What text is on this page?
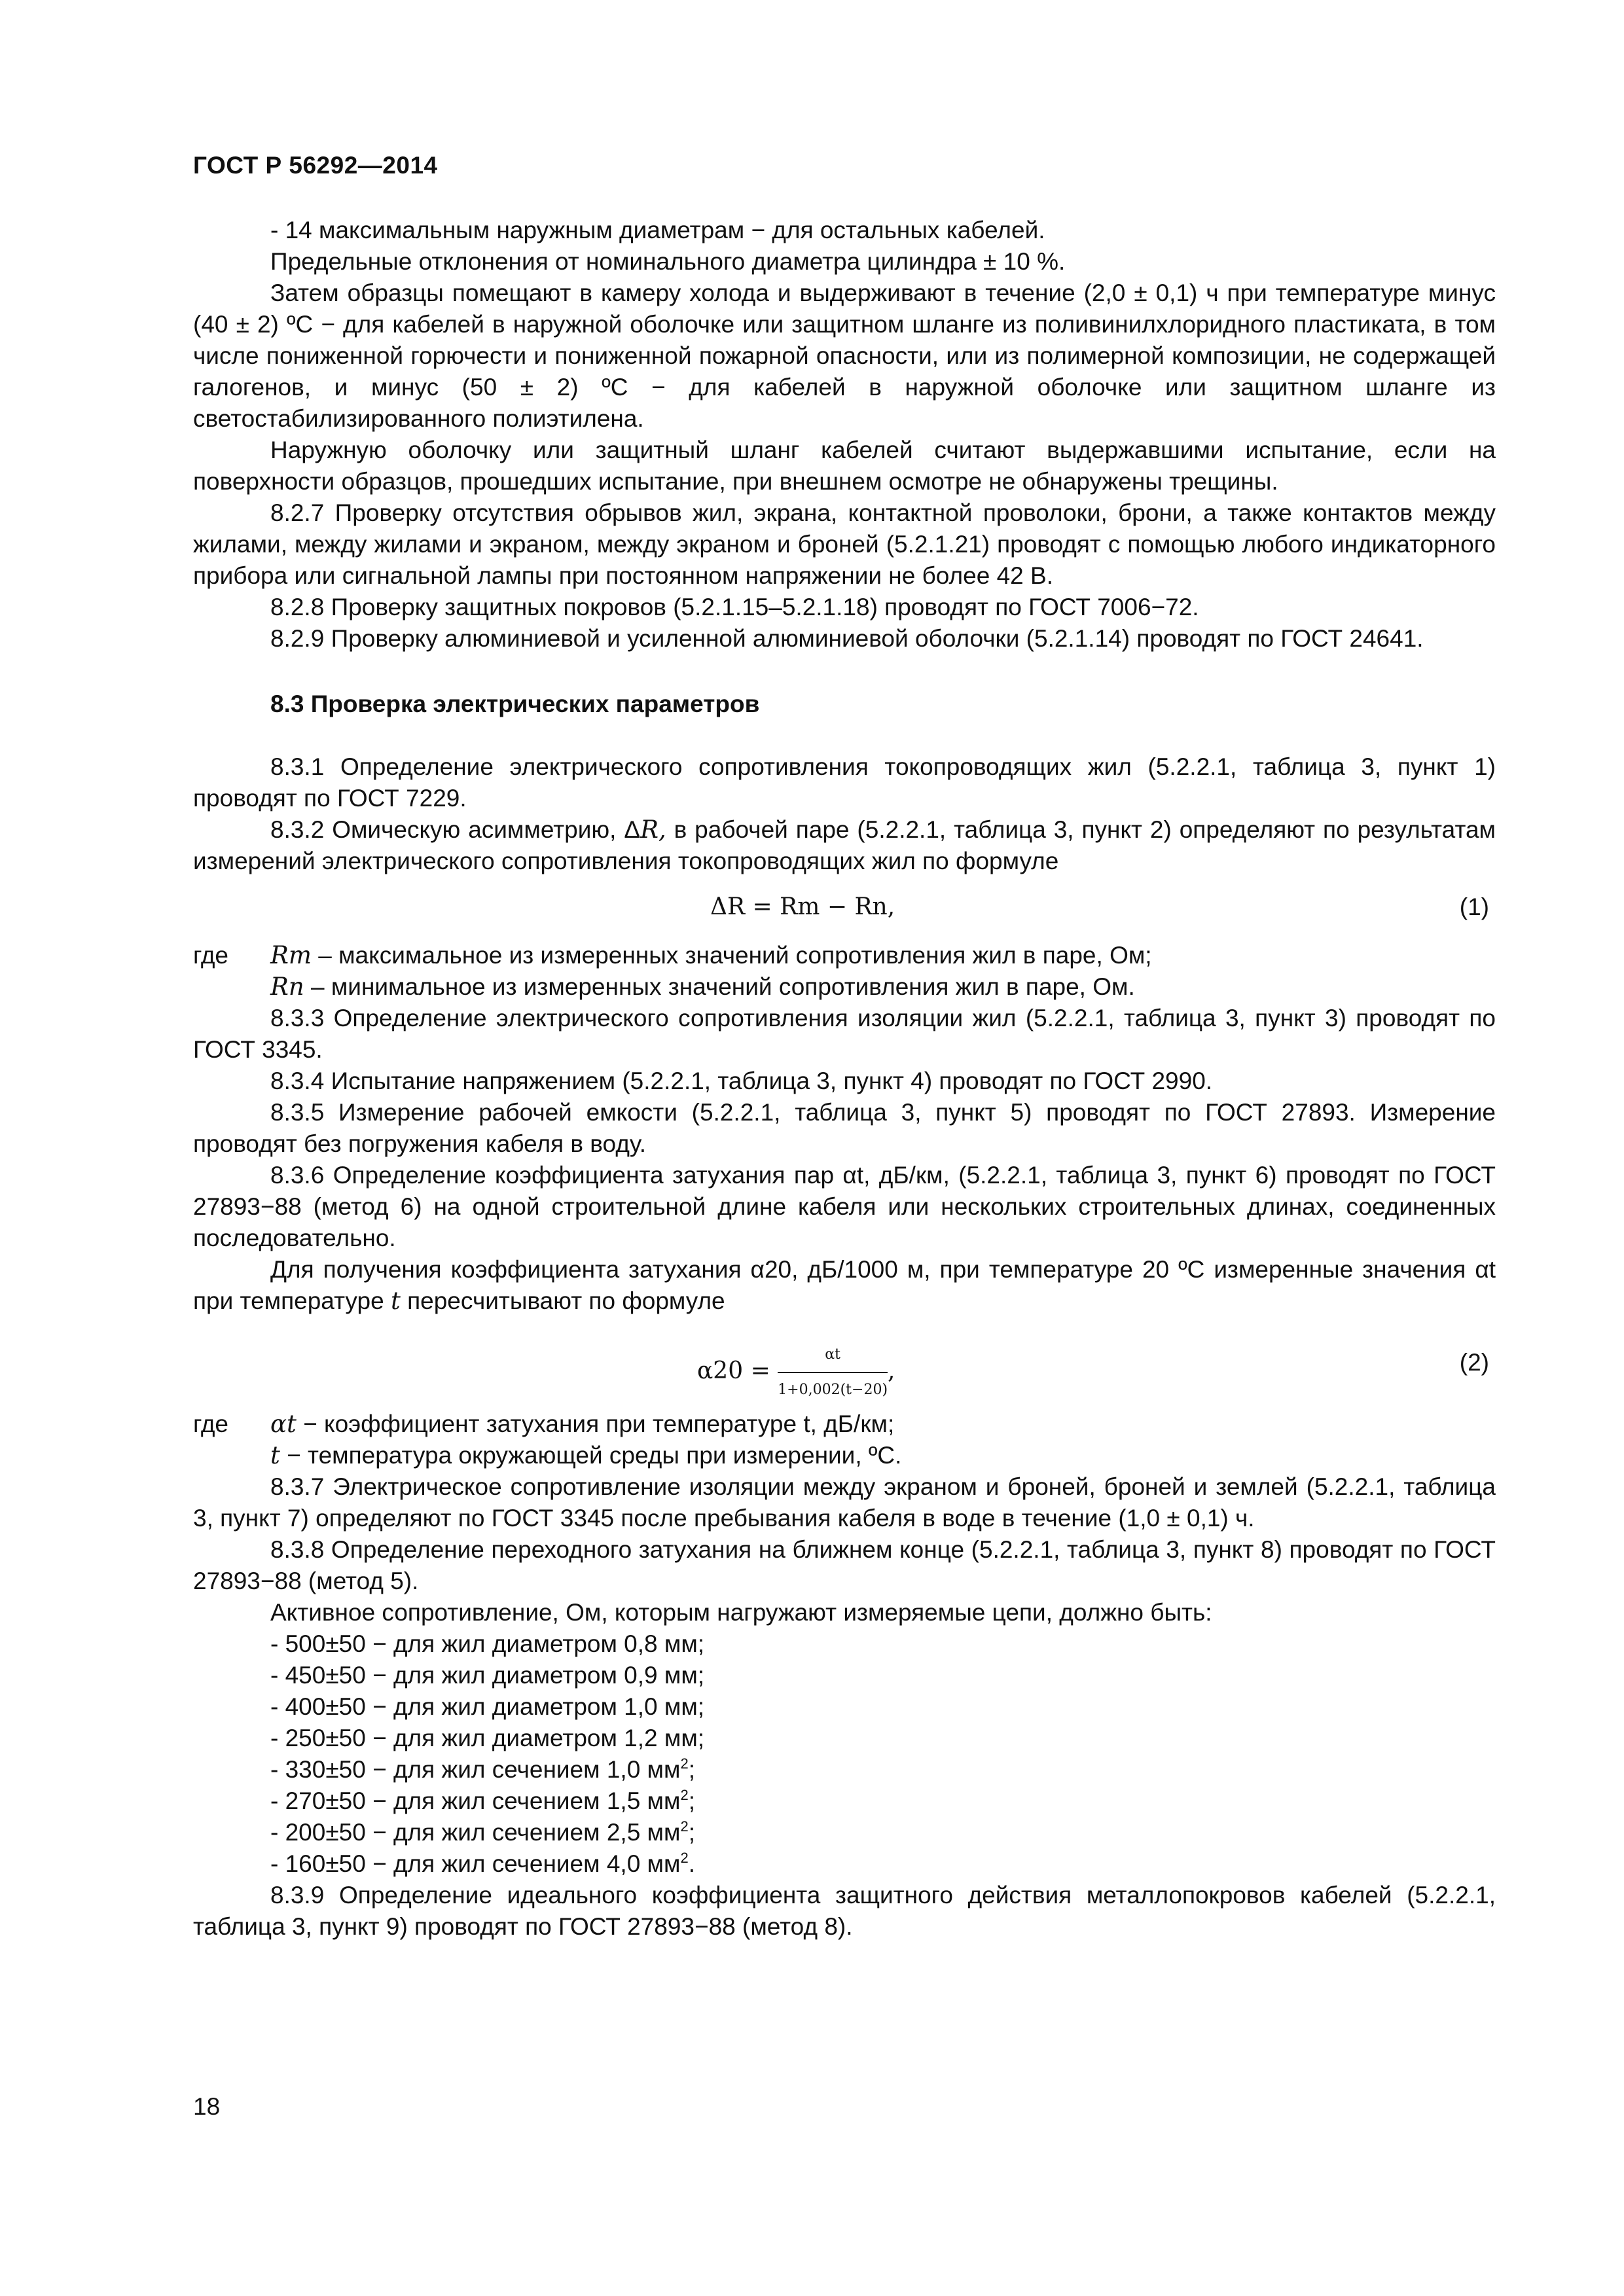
ГОСТ Р 56292—2014

- 14 максимальным наружным диаметрам − для остальных кабелей.

Предельные отклонения от номинального диаметра цилиндра ± 10 %.

Затем образцы помещают в камеру холода и выдерживают в течение (2,0 ± 0,1) ч при температуре минус (40 ± 2) ºС − для кабелей в наружной оболочке или защитном шланге из поливинилхлоридного пластиката, в том числе пониженной горючести и пониженной пожарной опасности, или из полимерной композиции, не содержащей галогенов, и минус (50 ± 2) ºС − для кабелей в наружной оболочке или защитном шланге из светостабилизированного полиэтилена.

Наружную оболочку или защитный шланг кабелей считают выдержавшими испытание, если на поверхности образцов, прошедших испытание, при внешнем осмотре не обнаружены трещины.

8.2.7 Проверку отсутствия обрывов жил, экрана, контактной проволоки, брони, а также контактов между жилами, между жилами и экраном, между экраном и броней (5.2.1.21) проводят с помощью любого индикаторного прибора или сигнальной лампы при постоянном напряжении не более 42 В.

8.2.8 Проверку защитных покровов (5.2.1.15–5.2.1.18) проводят по ГОСТ 7006−72.

8.2.9 Проверку алюминиевой и усиленной алюминиевой оболочки (5.2.1.14) проводят по ГОСТ 24641.

8.3 Проверка электрических параметров

8.3.1 Определение электрического сопротивления токопроводящих жил (5.2.2.1, таблица 3, пункт 1) проводят по ГОСТ 7229.

8.3.2 Омическую асимметрию, ΔR, в рабочей паре (5.2.2.1, таблица 3, пункт 2) определяют по результатам измерений электрического сопротивления токопроводящих жил по формуле

ΔR = Rm − Rn,	(1)
где	Rm – максимальное из измеренных значений сопротивления жил в паре, Ом;

Rn – минимальное из измеренных значений сопротивления жил в паре, Ом.

8.3.3 Определение электрического сопротивления изоляции жил (5.2.2.1, таблица 3, пункт 3) проводят по ГОСТ 3345.

8.3.4 Испытание напряжением (5.2.2.1, таблица 3, пункт 4) проводят по ГОСТ 2990.

8.3.5 Измерение рабочей емкости (5.2.2.1, таблица 3, пункт 5) проводят по ГОСТ 27893. Измерение проводят без погружения кабеля в воду.

8.3.6 Определение коэффициента затухания пар αt, дБ/км, (5.2.2.1, таблица 3, пункт 6) проводят по ГОСТ 27893−88 (метод 6) на одной строительной длине кабеля или нескольких строительных длинах, соединенных последовательно.

Для получения коэффициента затухания α20, дБ/1000 м, при температуре 20 ºС измеренные значения αt при температуре t пересчитывают по формуле

$\alpha 20 = \frac{\alpha t}{1+0,002(t-20)}$ ,	(2)
где	αt − коэффициент затухания при температуре t, дБ/км;

t − температура окружающей среды при измерении, ºС.

8.3.7 Электрическое сопротивление изоляции между экраном и броней, броней и землей (5.2.2.1, таблица 3, пункт 7) определяют по ГОСТ 3345 после пребывания кабеля в воде в течение (1,0 ± 0,1) ч.

8.3.8 Определение переходного затухания на ближнем конце (5.2.2.1, таблица 3, пункт 8) проводят по ГОСТ 27893−88 (метод 5).

Активное сопротивление, Ом, которым нагружают измеряемые цепи, должно быть:

- 500±50 − для жил диаметром 0,8 мм;

- 450±50 − для жил диаметром 0,9 мм;

- 400±50 − для жил диаметром 1,0 мм;

- 250±50 − для жил диаметром 1,2 мм;

- 330±50 − для жил сечением 1,0 $мм^2$;

- 270±50 − для жил сечением 1,5 $мм^2$;

- 200±50 − для жил сечением 2,5 $мм^2$;

- 160±50 − для жил сечением 4,0 $мм^2$.

8.3.9 Определение идеального коэффициента защитного действия металлопокровов кабелей (5.2.2.1, таблица 3, пункт 9) проводят по ГОСТ 27893−88 (метод 8).

18
